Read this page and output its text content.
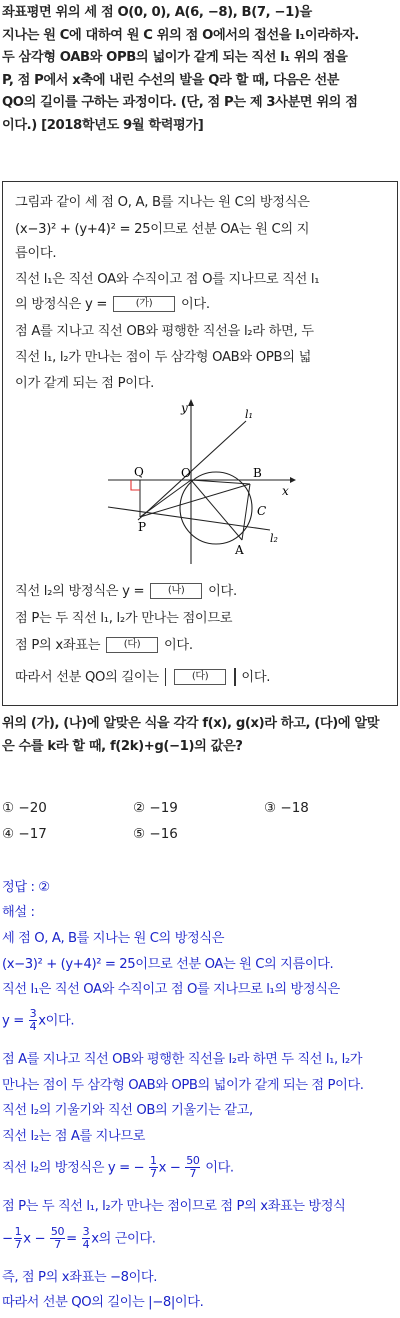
좌표평면 위의 세 점 O(0, 0), A(6, −8), B(7, −1)을
지나는 원 C에 대하여 원 C 위의 점 O에서의 접선을 l₁이라하자.
두 삼각형 OAB와 OPB의 넓이가 같게 되는 직선 l₁ 위의 점을
P, 점 P에서 x축에 내린 수선의 발을 Q라 할 때, 다음은 선분
QO의 길이를 구하는 과정이다. (단, 점 P는 제 3사분면 위의 점
이다.) [2018학년도 9월 학력평가]
그림과 같이 세 점 O, A, B를 지나는 원 C의 방정식은
(x−3)² + (y+4)² = 25이므로 선분 OA는 원 C의 지
름이다.
직선 l₁은 직선 OA와 수직이고 점 O를 지나므로 직선 l₁
의 방정식은 y =	(가) 이다.
점 A를 지나고 직선 OB와 평행한 직선을 l₂라 하면, 두
직선 l₁, l₂가 만나는 점이 두 삼각형 OAB와 OPB의 넓
이가 같게 되는 점 P이다.
y
x
l₁
l₂
O
Q
P
A
B
C
직선 l₂의 방정식은 y = (나) 이다.
점 P는 두 직선 l₁, l₂가 만나는 점이므로
점 P의 x좌표는 (다) 이다.
따라서 선분 QO의 길이는	(다)	이다.
위의 (가), (나)에 알맞은 식을 각각 f(x), g(x)라 하고, (다)에 알맞
은 수를 k라 할 때, f(2k)+g(−1)의 값은?
① −20	② −19	③ −18
④ −17	⑤ −16
정답 : ②
해설 :
세 점 O, A, B를 지나는 원 C의 방정식은
(x−3)² + (y+4)² = 25이므로 선분 OA는 원 C의 지름이다.
직선 l₁은 직선 OA와 수직이고 점 O를 지나므로 l₁의 방정식은
$y = \frac{3}{4}$ x이다.
점 A를 지나고 직선 OB와 평행한 직선을 l₂라 하면 두 직선 l₁, l₂가
만나는 점이 두 삼각형 OAB와 OPB의 넓이가 같게 되는 점 P이다.
직선 l₂의 기울기와 직선 OB의 기울기는 같고,
직선 l₂는 점 A를 지나므로
직선 l₂의 방정식은 y = − $\frac{1}{7}$ $x - \frac{50}{7}$ 이다.
점 P는 두 직선 l₁, l₂가 만나는 점이므로 점 P의 x좌표는 방정식
− $\frac{1}{7}$ $x - \frac{50}{7} = \frac{3}{4}$ x의 근이다.
즉, 점 P의 x좌표는 −8이다.
따라서 선분 QO의 길이는 |−8|이다.
